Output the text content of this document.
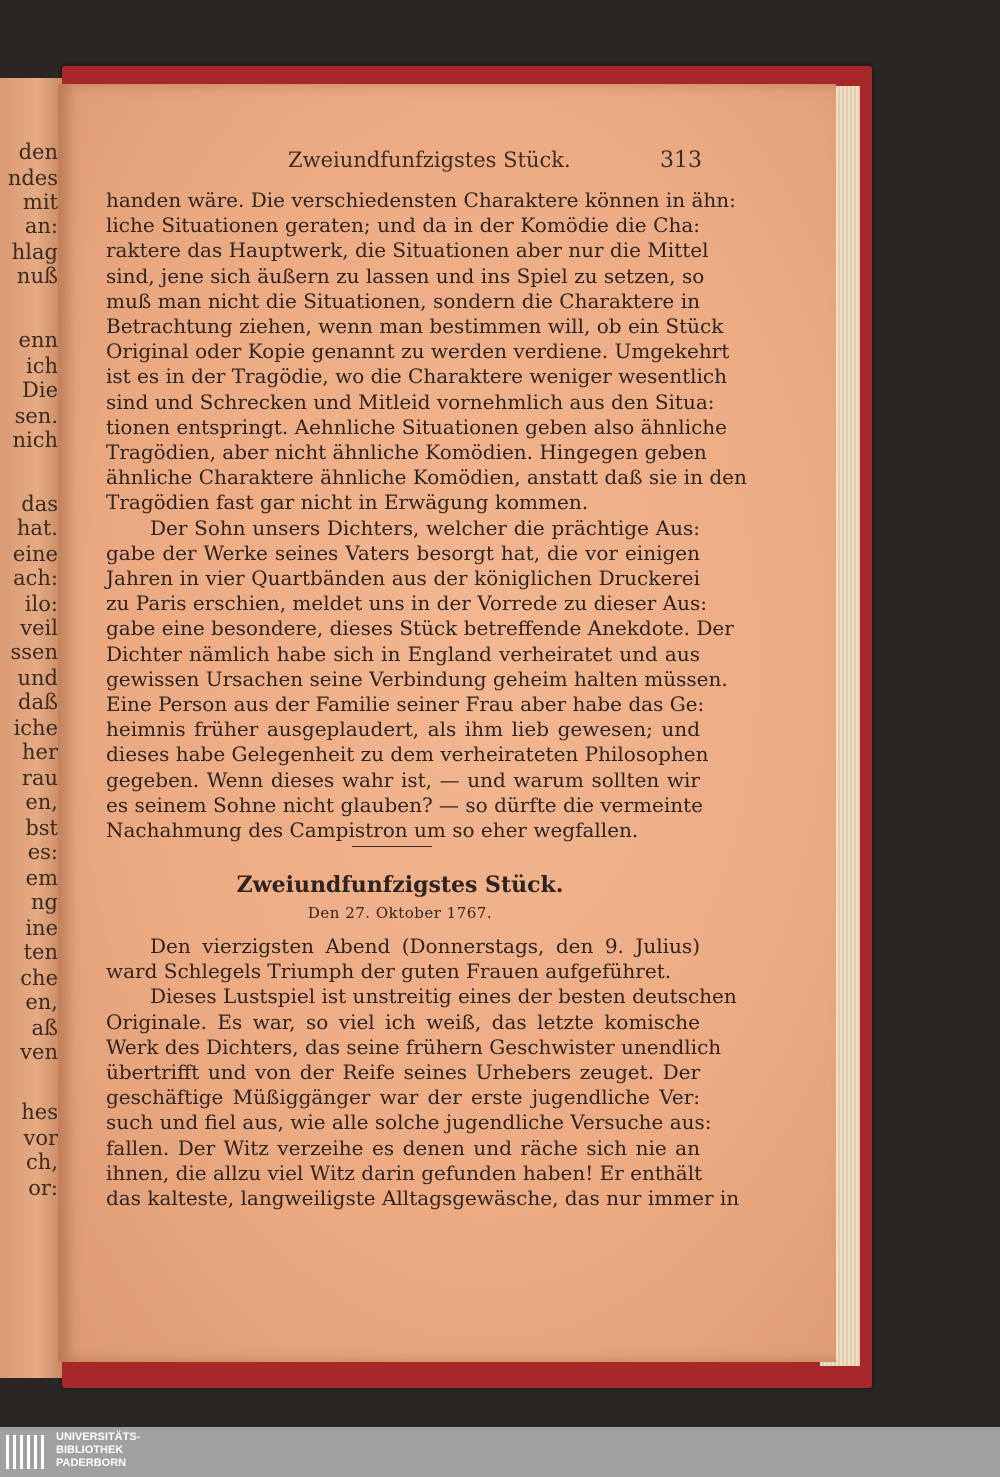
den
ndes
mit
an:
hlag
nuß
enn
ich
Die
sen.
nich
das
hat.
eine
ach:
ilo:
veil
ssen
und
daß
iche
her
rau
en,
bst
es:
em
ng
ine
ten
che
en,
aß
ven
hes
vor
ch,
or:
Zweiundfunfzigstes Stück.	313

handen wäre. Die verschiedensten Charaktere können in ähn:
liche Situationen geraten; und da in der Komödie die Cha:
raktere das Hauptwerk, die Situationen aber nur die Mittel
sind, jene sich äußern zu lassen und ins Spiel zu setzen, so
muß man nicht die Situationen, sondern die Charaktere in
Betrachtung ziehen, wenn man bestimmen will, ob ein Stück
Original oder Kopie genannt zu werden verdiene. Umgekehrt
ist es in der Tragödie, wo die Charaktere weniger wesentlich
sind und Schrecken und Mitleid vornehmlich aus den Situa:
tionen entspringt. Aehnliche Situationen geben also ähnliche
Tragödien, aber nicht ähnliche Komödien. Hingegen geben
ähnliche Charaktere ähnliche Komödien, anstatt daß sie in den
Tragödien fast gar nicht in Erwägung kommen.

Der Sohn unsers Dichters, welcher die prächtige Aus:
gabe der Werke seines Vaters besorgt hat, die vor einigen
Jahren in vier Quartbänden aus der königlichen Druckerei
zu Paris erschien, meldet uns in der Vorrede zu dieser Aus:
gabe eine besondere, dieses Stück betreffende Anekdote. Der
Dichter nämlich habe sich in England verheiratet und aus
gewissen Ursachen seine Verbindung geheim halten müssen.
Eine Person aus der Familie seiner Frau aber habe das Ge:
heimnis früher ausgeplaudert, als ihm lieb gewesen; und
dieses habe Gelegenheit zu dem verheirateten Philosophen
gegeben. Wenn dieses wahr ist, — und warum sollten wir
es seinem Sohne nicht glauben? — so dürfte die vermeinte
Nachahmung des Campistron um so eher wegfallen.

Zweiundfunfzigstes Stück.
Den 27. Oktober 1767.

Den vierzigsten Abend (Donnerstags, den 9. Julius)
ward Schlegels Triumph der guten Frauen aufgeführet.

Dieses Lustspiel ist unstreitig eines der besten deutschen
Originale. Es war, so viel ich weiß, das letzte komische
Werk des Dichters, das seine frühern Geschwister unendlich
übertrifft und von der Reife seines Urhebers zeuget. Der
geschäftige Müßiggänger war der erste jugendliche Ver:
such und fiel aus, wie alle solche jugendliche Versuche aus:
fallen. Der Witz verzeihe es denen und räche sich nie an
ihnen, die allzu viel Witz darin gefunden haben! Er enthält
das kalteste, langweiligste Alltagsgewäsche, das nur immer in

UNIVERSITÄTS-
BIBLIOTHEK
PADERBORN
